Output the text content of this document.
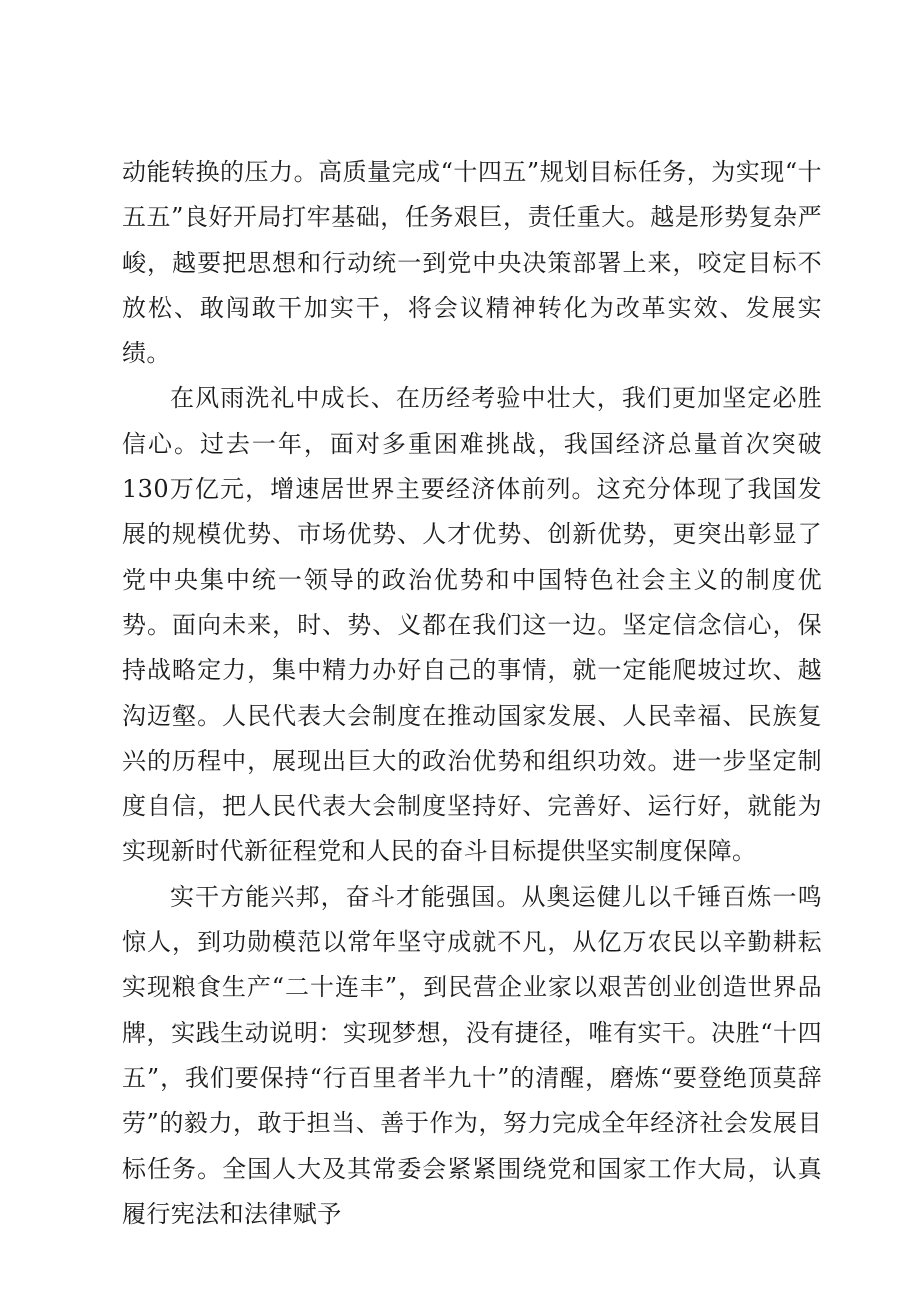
动能转换的压力。高质量完成“十四五”规划目标任务，为实现“十五五”良好开局打牢基础，任务艰巨，责任重大。越是形势复杂严峻，越要把思想和行动统一到党中央决策部署上来，咬定目标不放松、敢闯敢干加实干，将会议精神转化为改革实效、发展实绩。

在风雨洗礼中成长、在历经考验中壮大，我们更加坚定必胜信心。过去一年，面对多重困难挑战，我国经济总量首次突破130万亿元，增速居世界主要经济体前列。这充分体现了我国发展的规模优势、市场优势、人才优势、创新优势，更突出彰显了党中央集中统一领导的政治优势和中国特色社会主义的制度优势。面向未来，时、势、义都在我们这一边。坚定信念信心，保持战略定力，集中精力办好自己的事情，就一定能爬坡过坎、越沟迈壑。人民代表大会制度在推动国家发展、人民幸福、民族复兴的历程中，展现出巨大的政治优势和组织功效。进一步坚定制度自信，把人民代表大会制度坚持好、完善好、运行好，就能为实现新时代新征程党和人民的奋斗目标提供坚实制度保障。

实干方能兴邦，奋斗才能强国。从奥运健儿以千锤百炼一鸣惊人，到功勋模范以常年坚守成就不凡，从亿万农民以辛勤耕耘实现粮食生产“二十连丰”，到民营企业家以艰苦创业创造世界品牌，实践生动说明：实现梦想，没有捷径，唯有实干。决胜“十四五”，我们要保持“行百里者半九十”的清醒，磨炼“要登绝顶莫辞劳”的毅力，敢于担当、善于作为，努力完成全年经济社会发展目标任务。全国人大及其常委会紧紧围绕党和国家工作大局，认真履行宪法和法律赋予
